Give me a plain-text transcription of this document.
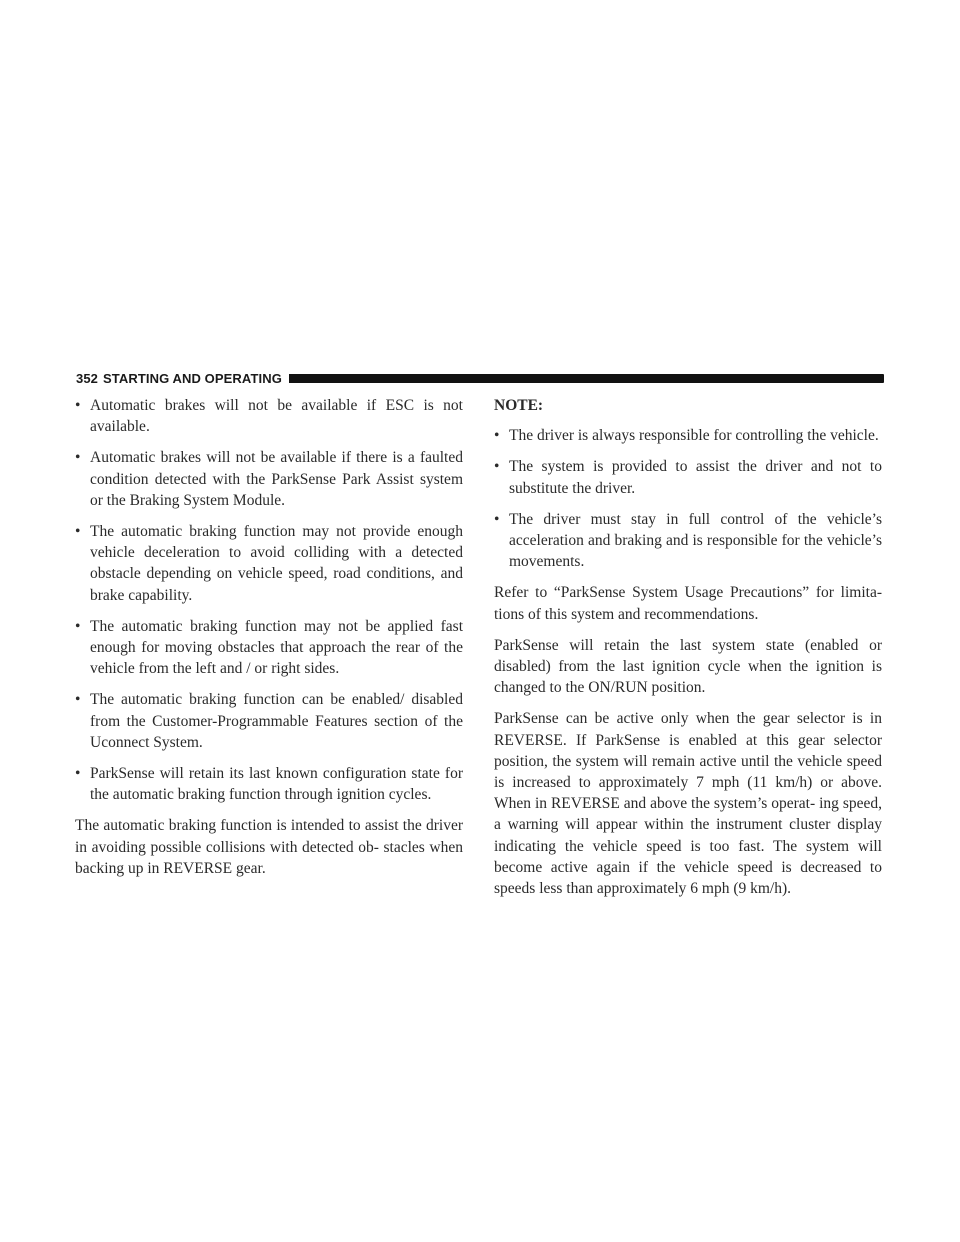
352 STARTING AND OPERATING
• Automatic brakes will not be available if ESC is not available.
• Automatic brakes will not be available if there is a faulted condition detected with the ParkSense Park Assist system or the Braking System Module.
• The automatic braking function may not provide enough vehicle deceleration to avoid colliding with a detected obstacle depending on vehicle speed, road conditions, and brake capability.
• The automatic braking function may not be applied fast enough for moving obstacles that approach the rear of the vehicle from the left and / or right sides.
• The automatic braking function can be enabled/ disabled from the Customer-Programmable Features section of the Uconnect System.
• ParkSense will retain its last known configuration state for the automatic braking function through ignition cycles.

The automatic braking function is intended to assist the driver in avoiding possible collisions with detected ob- stacles when backing up in REVERSE gear.

NOTE:

• The driver is always responsible for controlling the vehicle.
• The system is provided to assist the driver and not to substitute the driver.
• The driver must stay in full control of the vehicle’s acceleration and braking and is responsible for the vehicle’s movements.

Refer to “ParkSense System Usage Precautions” for limita- tions of this system and recommendations.

ParkSense will retain the last system state (enabled or disabled) from the last ignition cycle when the ignition is changed to the ON/RUN position.

ParkSense can be active only when the gear selector is in REVERSE. If ParkSense is enabled at this gear selector position, the system will remain active until the vehicle speed is increased to approximately 7 mph (11 km/h) or above. When in REVERSE and above the system’s operat- ing speed, a warning will appear within the instrument cluster display indicating the vehicle speed is too fast. The system will become active again if the vehicle speed is decreased to speeds less than approximately 6 mph (9 km/h).
